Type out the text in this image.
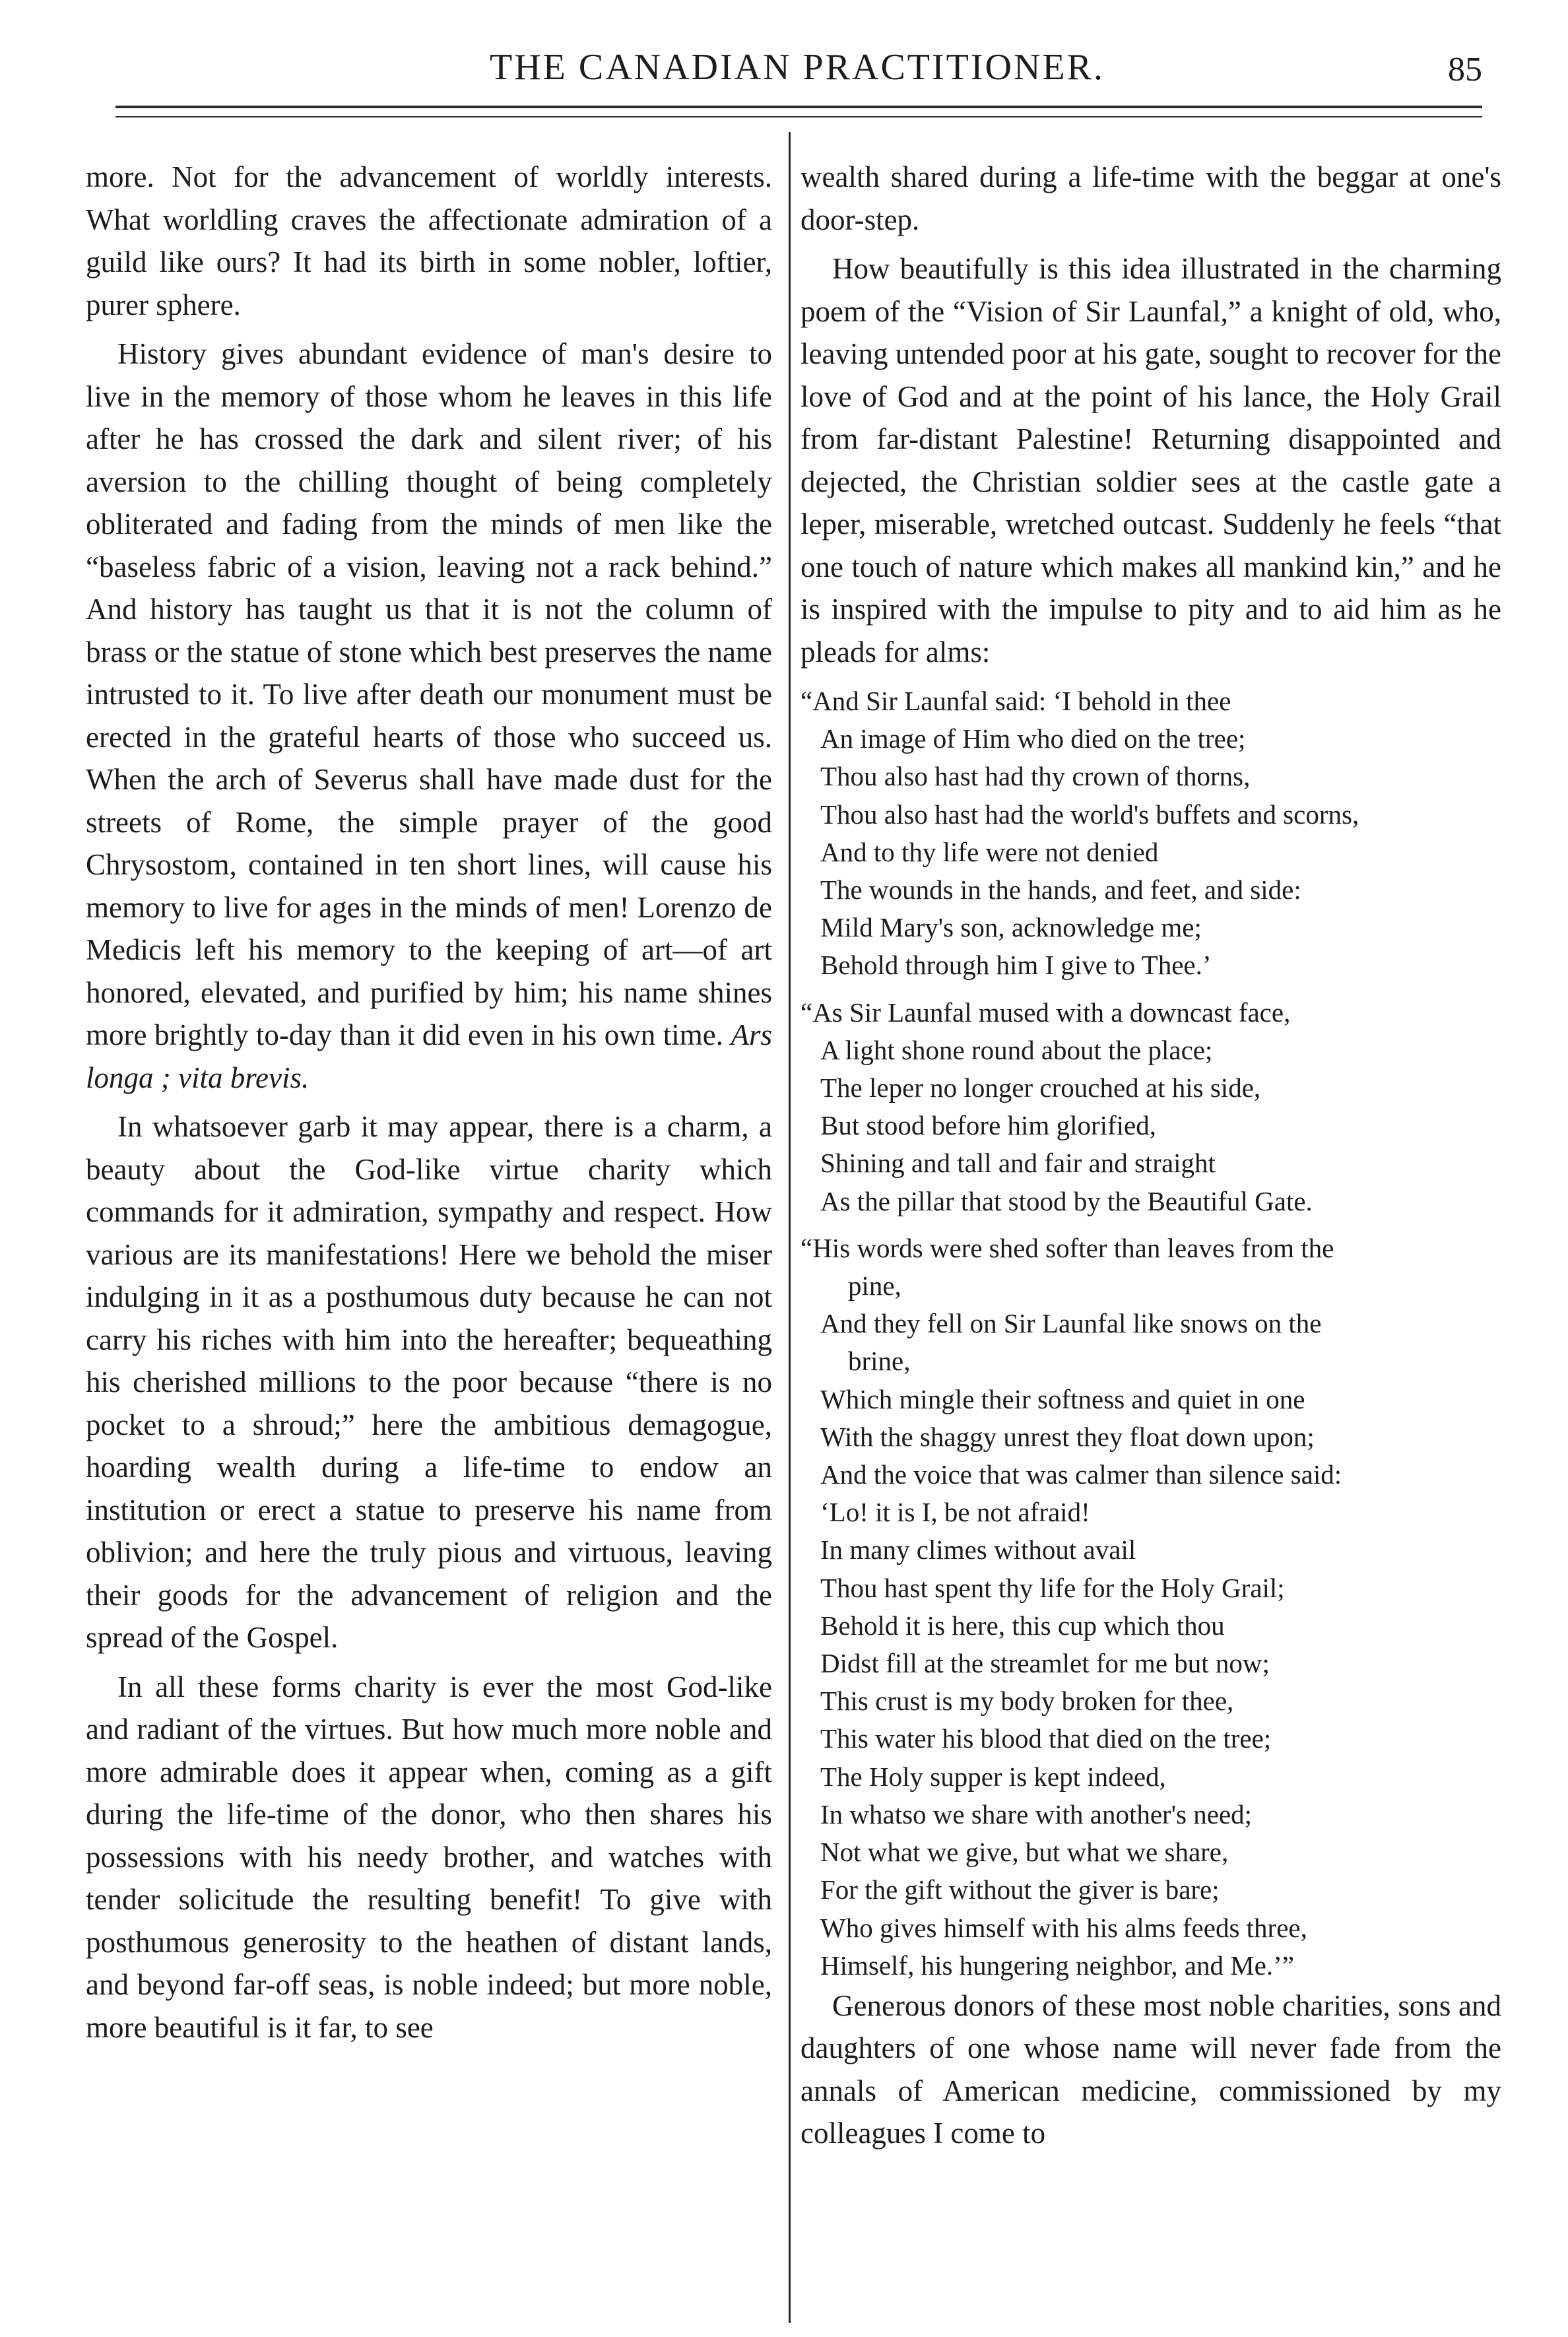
THE CANADIAN PRACTITIONER.	85

more. Not for the advancement of worldly interests. What worldling craves the affectionate admiration of a guild like ours? It had its birth in some nobler, loftier, purer sphere.

History gives abundant evidence of man's desire to live in the memory of those whom he leaves in this life after he has crossed the dark and silent river; of his aversion to the chilling thought of being completely obliterated and fading from the minds of men like the “baseless fabric of a vision, leaving not a rack behind.” And history has taught us that it is not the column of brass or the statue of stone which best preserves the name intrusted to it. To live after death our monument must be erected in the grateful hearts of those who succeed us. When the arch of Severus shall have made dust for the streets of Rome, the simple prayer of the good Chrysostom, contained in ten short lines, will cause his memory to live for ages in the minds of men! Lorenzo de Medicis left his memory to the keeping of art—of art honored, elevated, and purified by him; his name shines more brightly to-day than it did even in his own time. Ars longa ; vita brevis.

In whatsoever garb it may appear, there is a charm, a beauty about the God-like virtue charity which commands for it admiration, sympathy and respect. How various are its manifestations! Here we behold the miser indulging in it as a posthumous duty because he can not carry his riches with him into the hereafter; bequeathing his cherished millions to the poor because “there is no pocket to a shroud;” here the ambitious demagogue, hoarding wealth during a life-time to endow an institution or erect a statue to preserve his name from oblivion; and here the truly pious and virtuous, leaving their goods for the advancement of religion and the spread of the Gospel.

In all these forms charity is ever the most God-like and radiant of the virtues. But how much more noble and more admirable does it appear when, coming as a gift during the life-time of the donor, who then shares his possessions with his needy brother, and watches with tender solicitude the resulting benefit! To give with posthumous generosity to the heathen of distant lands, and beyond far-off seas, is noble indeed; but more noble, more beautiful is it far, to see

wealth shared during a life-time with the beggar at one's door-step.

How beautifully is this idea illustrated in the charming poem of the “Vision of Sir Launfal,” a knight of old, who, leaving untended poor at his gate, sought to recover for the love of God and at the point of his lance, the Holy Grail from far-distant Palestine! Returning disappointed and dejected, the Christian soldier sees at the castle gate a leper, miserable, wretched outcast. Suddenly he feels “that one touch of nature which makes all mankind kin,” and he is inspired with the impulse to pity and to aid him as he pleads for alms:

“And Sir Launfal said: ‘I behold in thee
An image of Him who died on the tree;
Thou also hast had thy crown of thorns,
Thou also hast had the world's buffets and scorns,
And to thy life were not denied
The wounds in the hands, and feet, and side:
Mild Mary's son, acknowledge me;
Behold through him I give to Thee.’
“As Sir Launfal mused with a downcast face,
A light shone round about the place;
The leper no longer crouched at his side,
But stood before him glorified,
Shining and tall and fair and straight
As the pillar that stood by the Beautiful Gate.
“His words were shed softer than leaves from the
pine,
And they fell on Sir Launfal like snows on the
brine,
Which mingle their softness and quiet in one
With the shaggy unrest they float down upon;
And the voice that was calmer than silence said:
‘Lo! it is I, be not afraid!
In many climes without avail
Thou hast spent thy life for the Holy Grail;
Behold it is here, this cup which thou
Didst fill at the streamlet for me but now;
This crust is my body broken for thee,
This water his blood that died on the tree;
The Holy supper is kept indeed,
In whatso we share with another's need;
Not what we give, but what we share,
For the gift without the giver is bare;
Who gives himself with his alms feeds three,
Himself, his hungering neighbor, and Me.’”

Generous donors of these most noble charities, sons and daughters of one whose name will never fade from the annals of American medicine, commissioned by my colleagues I come to
